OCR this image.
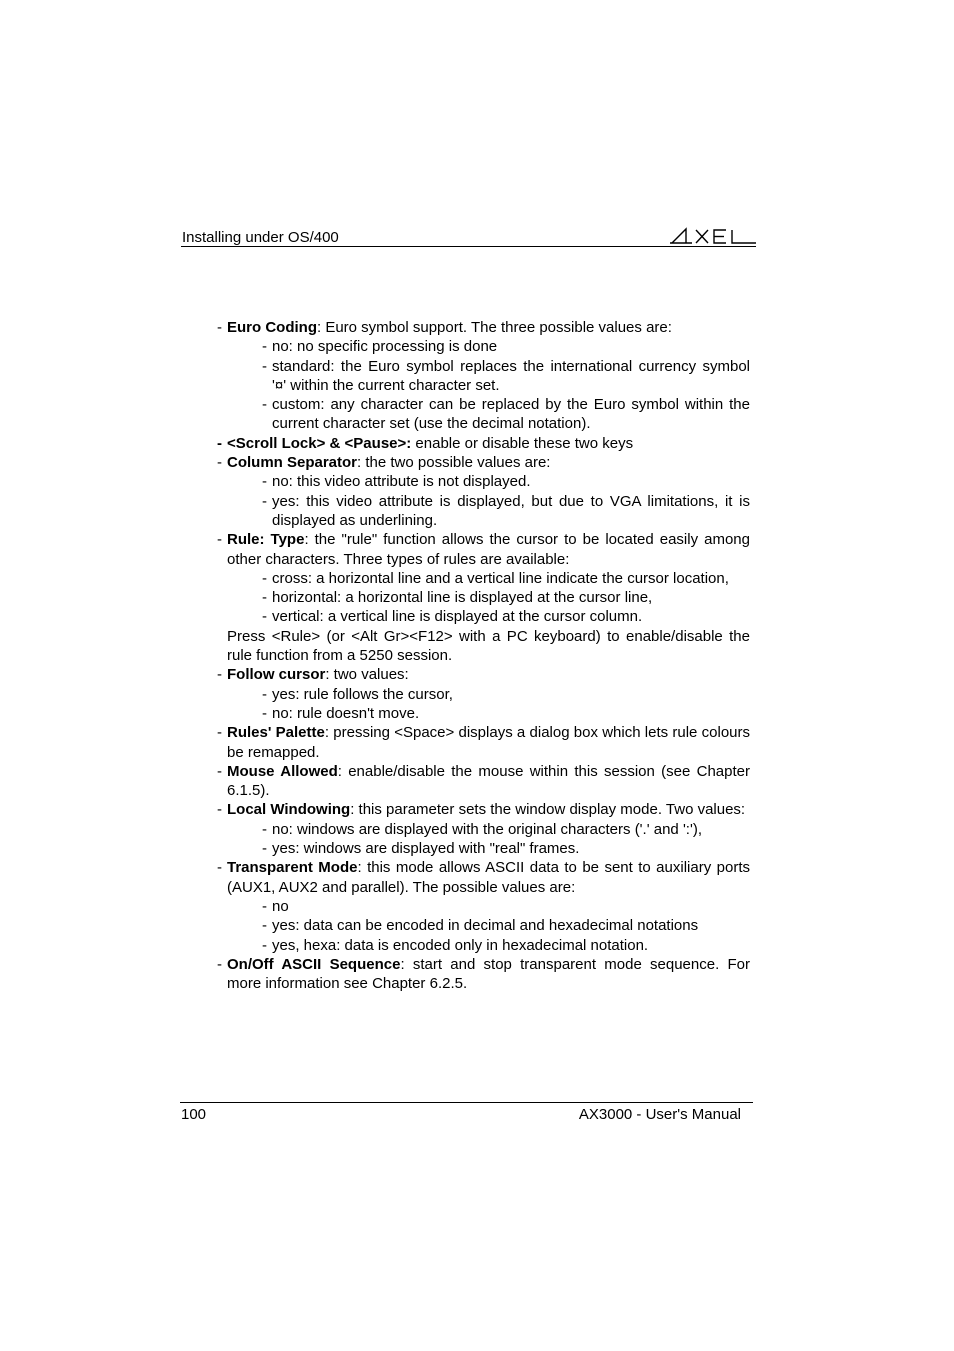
Installing under OS/400
- Euro Coding: Euro symbol support. The three possible values are:
- no: no specific processing is done
- standard: the Euro symbol replaces the international currency symbol '¤' within the current character set.
- custom: any character can be replaced by the Euro symbol within the current character set (use the decimal notation).
- <Scroll Lock> & <Pause>: enable or disable these two keys
- Column Separator: the two possible values are:
- no: this video attribute is not displayed.
- yes: this video attribute is displayed, but due to VGA limitations, it is displayed as underlining.
- Rule: Type: the "rule" function allows the cursor to be located easily among other characters. Three types of rules are available:
- cross: a horizontal line and a vertical line indicate the cursor location,
- horizontal: a horizontal line is displayed at the cursor line,
- vertical: a vertical line is displayed at the cursor column.
Press <Rule> (or <Alt Gr><F12> with a PC keyboard) to enable/disable the rule function from a 5250 session.
- Follow cursor: two values:
- yes: rule follows the cursor,
- no: rule doesn't move.
- Rules' Palette: pressing <Space> displays a dialog box which lets rule colours be remapped.
- Mouse Allowed: enable/disable the mouse within this session (see Chapter 6.1.5).
- Local Windowing: this parameter sets the window display mode. Two values:
- no: windows are displayed with the original characters ('.' and ':'),
- yes: windows are displayed with "real" frames.
- Transparent Mode: this mode allows ASCII data to be sent to auxiliary ports (AUX1, AUX2 and parallel). The possible values are:
- no
- yes: data can be encoded in decimal and hexadecimal notations
- yes, hexa: data is encoded only in hexadecimal notation.
- On/Off ASCII Sequence: start and stop transparent mode sequence. For more information see Chapter 6.2.5.
100	AX3000 - User's Manual
